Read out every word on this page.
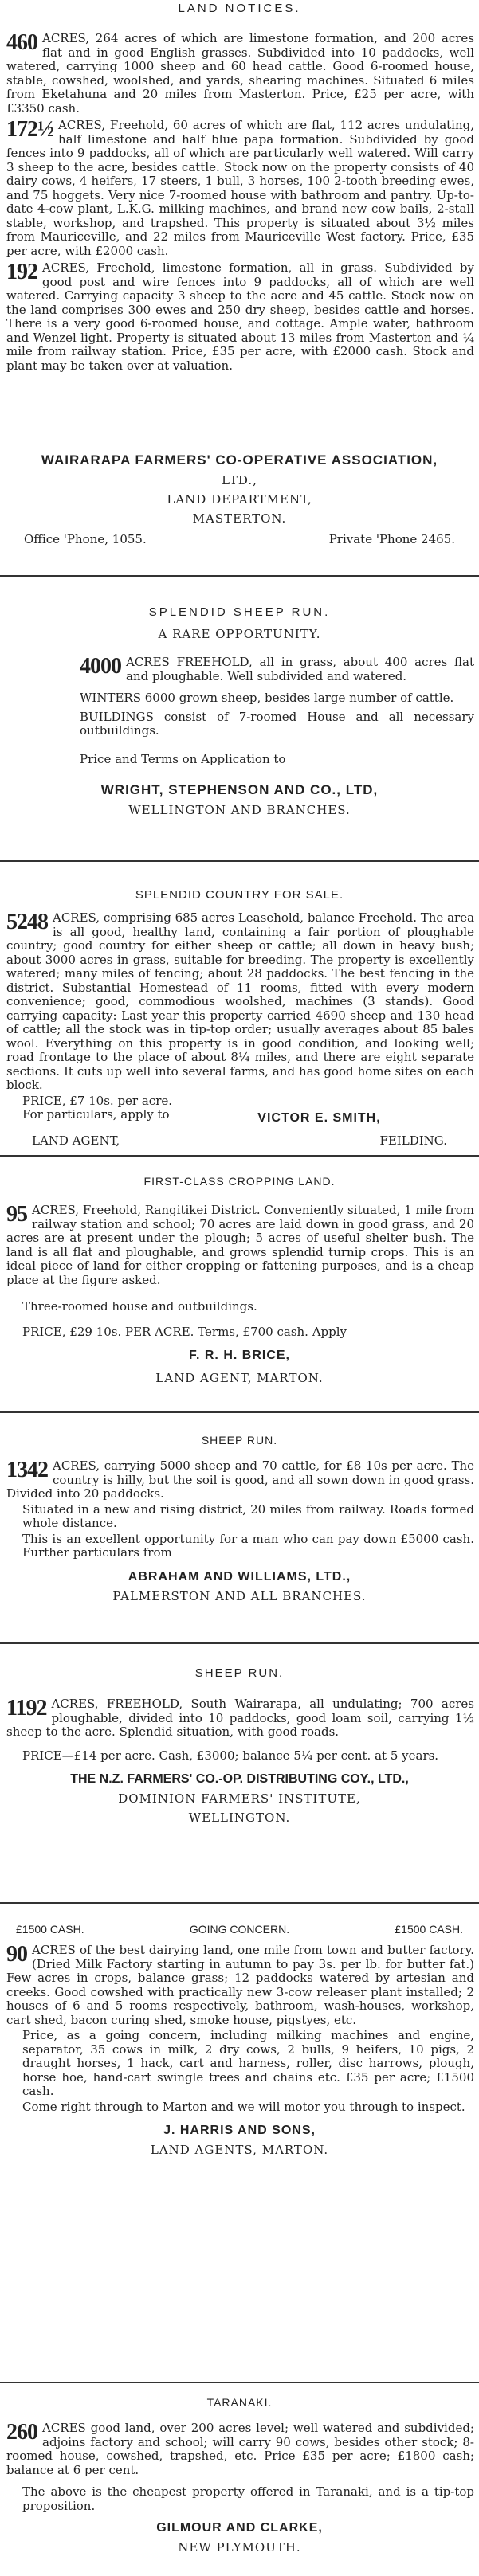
LAND NOTICES.

460 ACRES, 264 acres of which are limestone formation, and 200 acres flat and in good English grasses. Subdivided into 10 paddocks, well watered, carrying 1000 sheep and 60 head cattle. Good 6-roomed house, stable, cowshed, woolshed, and yards, shearing machines. Situated 6 miles from Eketahuna and 20 miles from Masterton. Price, £25 per acre, with £3350 cash.

172½ ACRES, Freehold, 60 acres of which are flat, 112 acres undulating, half limestone and half blue papa formation. Subdivided by good fences into 9 paddocks, all of which are particularly well watered. Will carry 3 sheep to the acre, besides cattle. Stock now on the property consists of 40 dairy cows, 4 heifers, 17 steers, 1 bull, 3 horses, 100 2-tooth breeding ewes, and 75 hoggets. Very nice 7-roomed house with bathroom and pantry. Up-to-date 4-cow plant, L.K.G. milking machines, and brand new cow bails, 2-stall stable, workshop, and trapshed. This property is situated about 3½ miles from Mauriceville, and 22 miles from Mauriceville West factory. Price, £35 per acre, with £2000 cash.

192 ACRES, Freehold, limestone formation, all in grass. Subdivided by good post and wire fences into 9 paddocks, all of which are well watered. Carrying capacity 3 sheep to the acre and 45 cattle. Stock now on the land comprises 300 ewes and 250 dry sheep, besides cattle and horses. There is a very good 6-roomed house, and cottage. Ample water, bathroom and Wenzel light. Property is situated about 13 miles from Masterton and ¼ mile from railway station. Price, £35 per acre, with £2000 cash. Stock and plant may be taken over at valuation.

WAIRARAPA FARMERS' CO-OPERATIVE ASSOCIATION,

LTD.,

LAND DEPARTMENT,

MASTERTON.

Office 'Phone, 1055.	Private 'Phone 2465.

SPLENDID SHEEP RUN.

A RARE OPPORTUNITY.

4000 ACRES FREEHOLD, all in grass, about 400 acres flat and ploughable. Well subdivided and watered.

WINTERS 6000 grown sheep, besides large number of cattle.

BUILDINGS consist of 7-roomed House and all necessary outbuildings.

Price and Terms on Application to

WRIGHT, STEPHENSON AND CO., LTD,

WELLINGTON AND BRANCHES.

SPLENDID COUNTRY FOR SALE.

5248 ACRES, comprising 685 acres Leasehold, balance Freehold. The area is all good, healthy land, containing a fair portion of ploughable country; good country for either sheep or cattle; all down in heavy bush; about 3000 acres in grass, suitable for breeding. The property is excellently watered; many miles of fencing; about 28 paddocks. The best fencing in the district. Substantial Homestead of 11 rooms, fitted with every modern convenience; good, commodious woolshed, machines (3 stands). Good carrying capacity: Last year this property carried 4690 sheep and 130 head of cattle; all the stock was in tip-top order; usually averages about 85 bales wool. Everything on this property is in good condition, and looking well; road frontage to the place of about 8¼ miles, and there are eight separate sections. It cuts up well into several farms, and has good home sites on each block.

PRICE, £7 10s. per acre.

For particulars, apply to	VICTOR E. SMITH,

LAND AGENT,	FEILDING.

FIRST-CLASS CROPPING LAND.

95 ACRES, Freehold, Rangitikei District. Conveniently situated, 1 mile from railway station and school; 70 acres are laid down in good grass, and 20 acres are at present under the plough; 5 acres of useful shelter bush. The land is all flat and ploughable, and grows splendid turnip crops. This is an ideal piece of land for either cropping or fattening purposes, and is a cheap place at the figure asked.

Three-roomed house and outbuildings.

PRICE, £29 10s. PER ACRE. Terms, £700 cash. Apply

F. R. H. BRICE,

LAND AGENT, MARTON.

SHEEP RUN.

1342 ACRES, carrying 5000 sheep and 70 cattle, for £8 10s per acre. The country is hilly, but the soil is good, and all sown down in good grass. Divided into 20 paddocks.

Situated in a new and rising district, 20 miles from railway. Roads formed whole distance.

This is an excellent opportunity for a man who can pay down £5000 cash. Further particulars from

ABRAHAM AND WILLIAMS, LTD.,

PALMERSTON AND ALL BRANCHES.

SHEEP RUN.

1192 ACRES, FREEHOLD, South Wairarapa, all undulating; 700 acres ploughable, divided into 10 paddocks, good loam soil, carrying 1½ sheep to the acre. Splendid situation, with good roads.

PRICE—£14 per acre. Cash, £3000; balance 5¼ per cent. at 5 years.

THE N.Z. FARMERS' CO.-OP. DISTRIBUTING COY., LTD.,

DOMINION FARMERS' INSTITUTE,

WELLINGTON.

£1500 CASH.	GOING CONCERN.	£1500 CASH.

90 ACRES of the best dairying land, one mile from town and butter factory. (Dried Milk Factory starting in autumn to pay 3s. per lb. for butter fat.) Few acres in crops, balance grass; 12 paddocks watered by artesian and creeks. Good cowshed with practically new 3-cow releaser plant installed; 2 houses of 6 and 5 rooms respectively, bathroom, wash-houses, workshop, cart shed, bacon curing shed, smoke house, pigstyes, etc.

Price, as a going concern, including milking machines and engine, separator, 35 cows in milk, 2 dry cows, 2 bulls, 9 heifers, 10 pigs, 2 draught horses, 1 hack, cart and harness, roller, disc harrows, plough, horse hoe, hand-cart swingle trees and chains etc. £35 per acre; £1500 cash.

Come right through to Marton and we will motor you through to inspect.

J. HARRIS AND SONS,

LAND AGENTS, MARTON.

TARANAKI.

260 ACRES good land, over 200 acres level; well watered and subdivided; adjoins factory and school; will carry 90 cows, besides other stock; 8-roomed house, cowshed, trapshed, etc. Price £35 per acre; £1800 cash; balance at 6 per cent.

The above is the cheapest property offered in Taranaki, and is a tip-top proposition.

GILMOUR AND CLARKE,

NEW PLYMOUTH.
